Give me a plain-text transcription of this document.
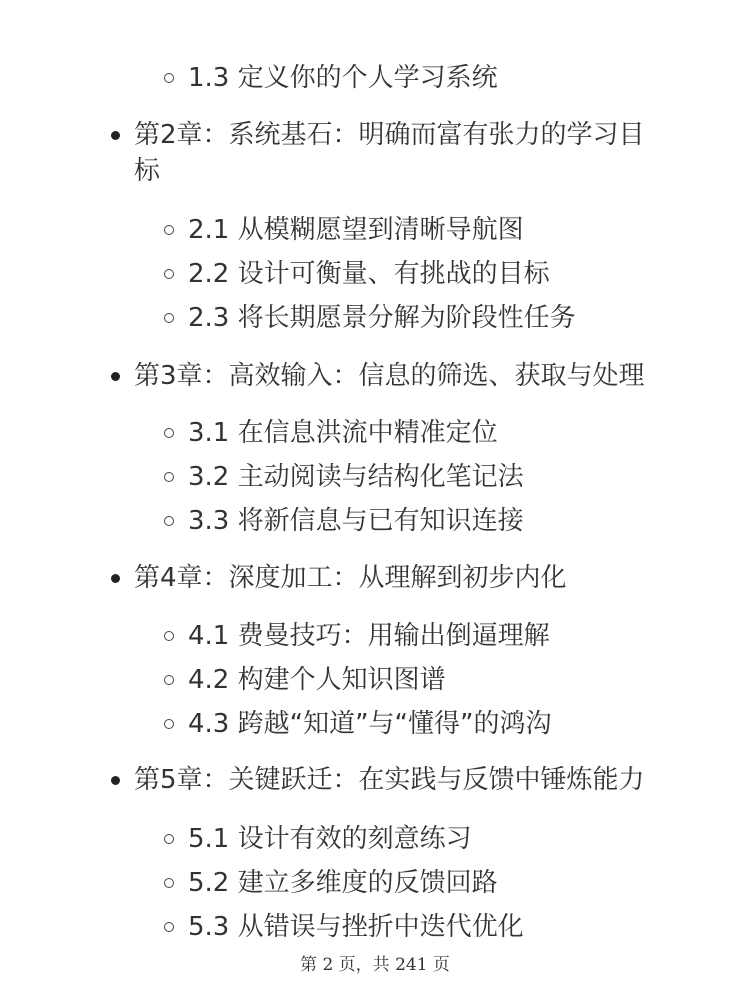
1.3 定义你的个人学习系统
第2章：系统基石：明确而富有张力的学习目
标
2.1 从模糊愿望到清晰导航图
2.2 设计可衡量、有挑战的目标
2.3 将长期愿景分解为阶段性任务
第3章：高效输入：信息的筛选、获取与处理
3.1 在信息洪流中精准定位
3.2 主动阅读与结构化笔记法
3.3 将新信息与已有知识连接
第4章：深度加工：从理解到初步内化
4.1 费曼技巧：用输出倒逼理解
4.2 构建个人知识图谱
4.3 跨越“知道”与“懂得”的鸿沟
第5章：关键跃迁：在实践与反馈中锤炼能力
5.1 设计有效的刻意练习
5.2 建立多维度的反馈回路
5.3 从错误与挫折中迭代优化
第 2 页，共 241 页
